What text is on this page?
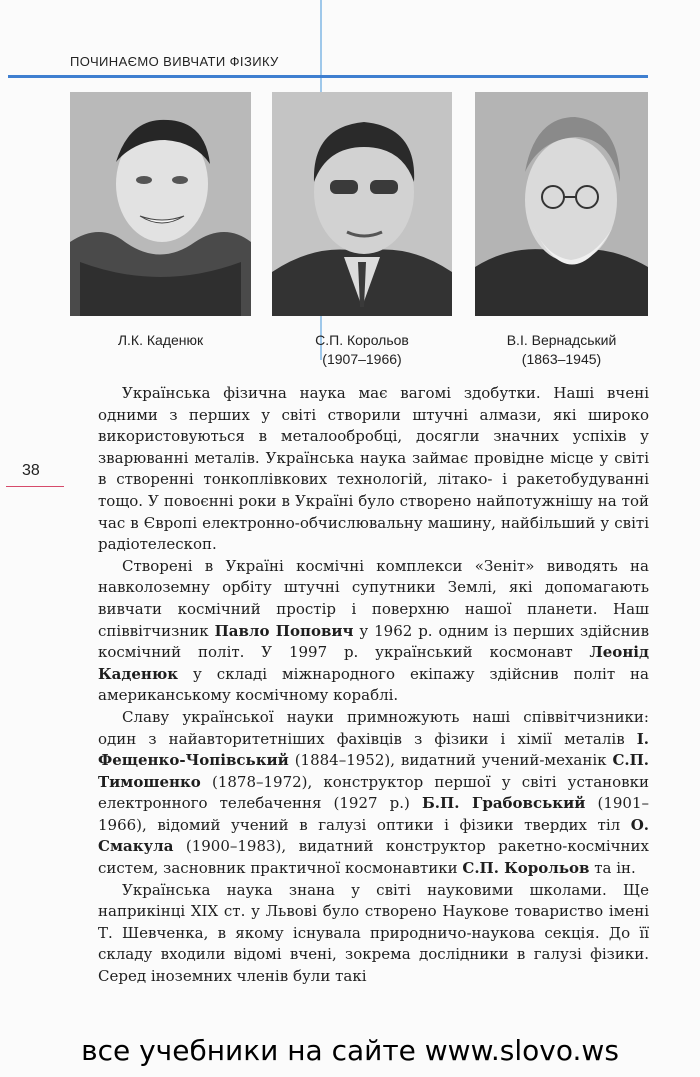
ПОЧИНАЄМО ВИВЧАТИ ФІЗИКУ
Л.К. Каденюк	С.П. Корольов
(1907–1966)
В.І. Вернадський
(1863–1945)
38

Українська фізична наука має вагомі здобутки. Наші вчені одними з перших у світі створили штучні алмази, які широко використовуються в металообробці, досягли значних успіхів у зварюванні металів. Українська наука займає провідне місце у світі в створенні тонкоплівкових технологій, літако- і ракетобудуванні тощо. У повоєнні роки в Україні було створено найпотужнішу на той час в Європі електронно-обчислювальну машину, найбільший у світі радіотелескоп.

Створені в Україні космічні комплекси «Зеніт» виводять на навколоземну орбіту штучні супутники Землі, які допомагають вивчати космічний простір і поверхню нашої планети. Наш співвітчизник Павло Попович у 1962 р. одним із перших здійснив космічний політ. У 1997 р. український космонавт Леонід Каденюк у складі міжнародного екіпажу здійснив політ на американському космічному кораблі.

Славу української науки примножують наші співвітчизники: один з найавторитетніших фахівців з фізики і хімії металів І. Фещенко-Чопівський (1884–1952), видатний учений-механік С.П. Тимошенко (1878–1972), конструктор першої у світі установки електронного телебачення (1927 р.) Б.П. Грабовський (1901–1966), відомий учений в галузі оптики і фізики твердих тіл О. Смакула (1900–1983), видатний конструктор ракетно-космічних систем, засновник практичної космонавтики С.П. Корольов та ін.

Українська наука знана у світі науковими школами. Ще наприкінці XIX ст. у Львові було створено Наукове товариство імені Т. Шевченка, в якому існувала природничо-наукова секція. До її складу входили відомі вчені, зокрема дослідники в галузі фізики. Серед іноземних членів були такі

все учебники на сайте www.slovo.ws
